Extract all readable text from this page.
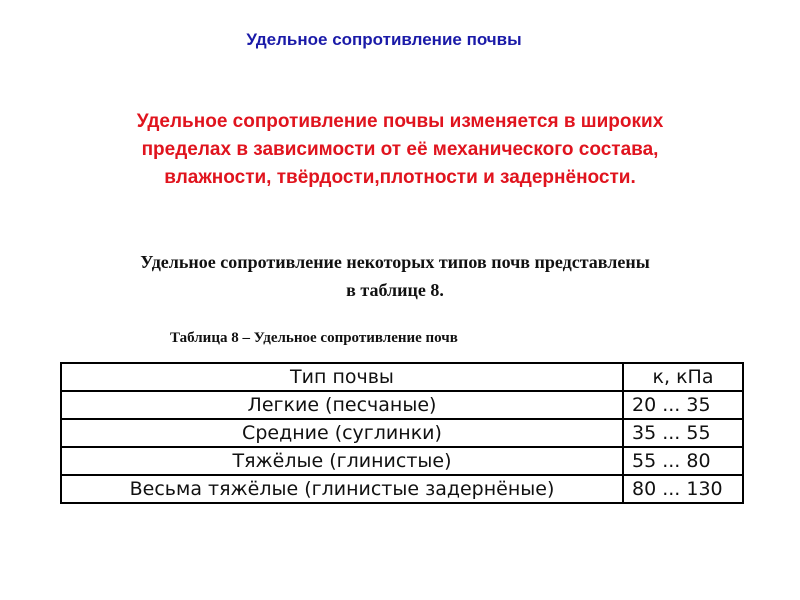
Удельное сопротивление почвы
Удельное сопротивление почвы изменяется в широких
пределах в зависимости от её механического состава,
влажности, твёрдости,плотности и задернёности.
Удельное сопротивление некоторых типов почв представлены
в таблице 8.
Таблица 8 – Удельное сопротивление почв
Тип почвы	к, кПа
Легкие (песчаные)	20 ... 35
Средние (суглинки)	35 ... 55
Тяжёлые (глинистые)	55 ... 80
Весьма тяжёлые (глинистые задернёные)	80 ... 130
